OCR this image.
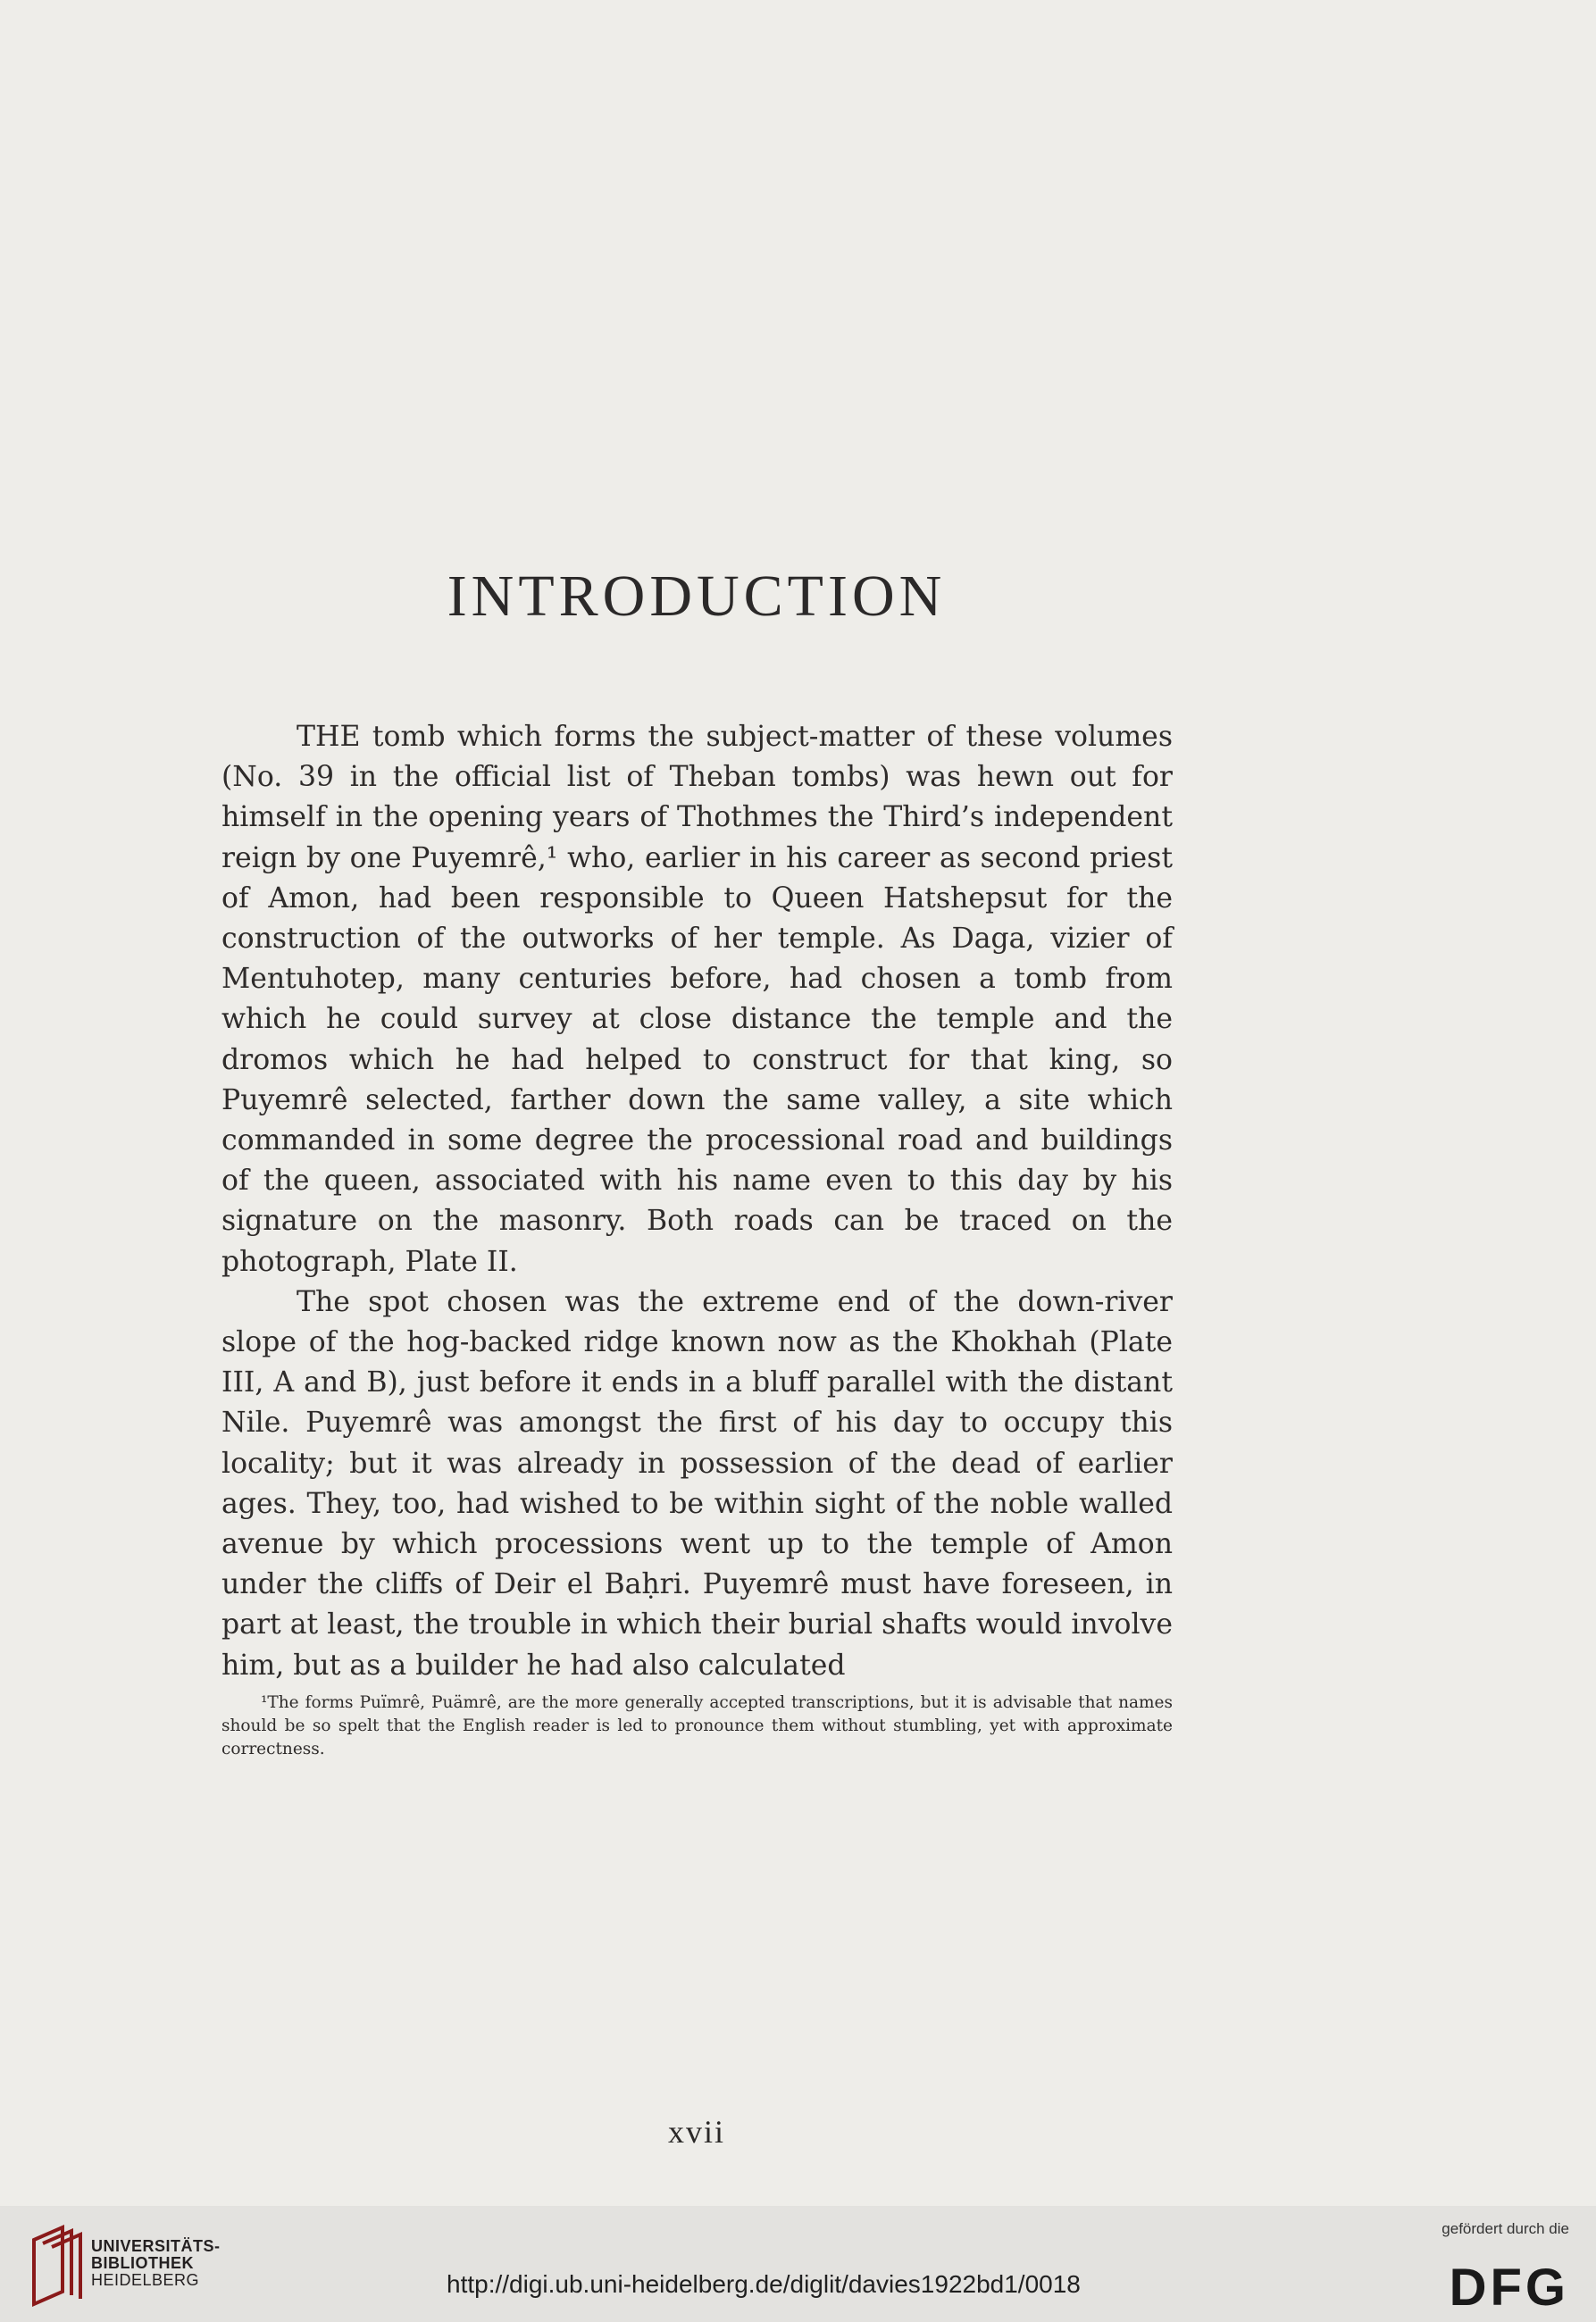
INTRODUCTION

THE tomb which forms the subject-matter of these volumes (No. 39 in the official list of Theban tombs) was hewn out for himself in the opening years of Thothmes the Third’s independent reign by one Puyemrê,¹ who, earlier in his career as second priest of Amon, had been responsible to Queen Hatshepsut for the construction of the outworks of her temple. As Daga, vizier of Mentuhotep, many centuries before, had chosen a tomb from which he could survey at close distance the temple and the dromos which he had helped to construct for that king, so Puyemrê selected, farther down the same valley, a site which commanded in some degree the processional road and buildings of the queen, associated with his name even to this day by his signature on the masonry. Both roads can be traced on the photograph, Plate II.

The spot chosen was the extreme end of the down-river slope of the hog-backed ridge known now as the Khokhah (Plate III, A and B), just before it ends in a bluff parallel with the distant Nile. Puyemrê was amongst the first of his day to occupy this locality; but it was already in possession of the dead of earlier ages. They, too, had wished to be within sight of the noble walled avenue by which processions went up to the temple of Amon under the cliffs of Deir el Baḥri. Puyemrê must have foreseen, in part at least, the trouble in which their burial shafts would involve him, but as a builder he had also calculated

¹The forms Puïmrê, Puämrê, are the more generally accepted transcriptions, but it is advisable that names should be so spelt that the English reader is led to pronounce them without stumbling, yet with approximate correctness.

xvii
UNIVERSITÄTS-
BIBLIOTHEK
HEIDELBERG	http://digi.ub.uni-heidelberg.de/diglit/davies1922bd1/0018
gefördert durch die
DFG
